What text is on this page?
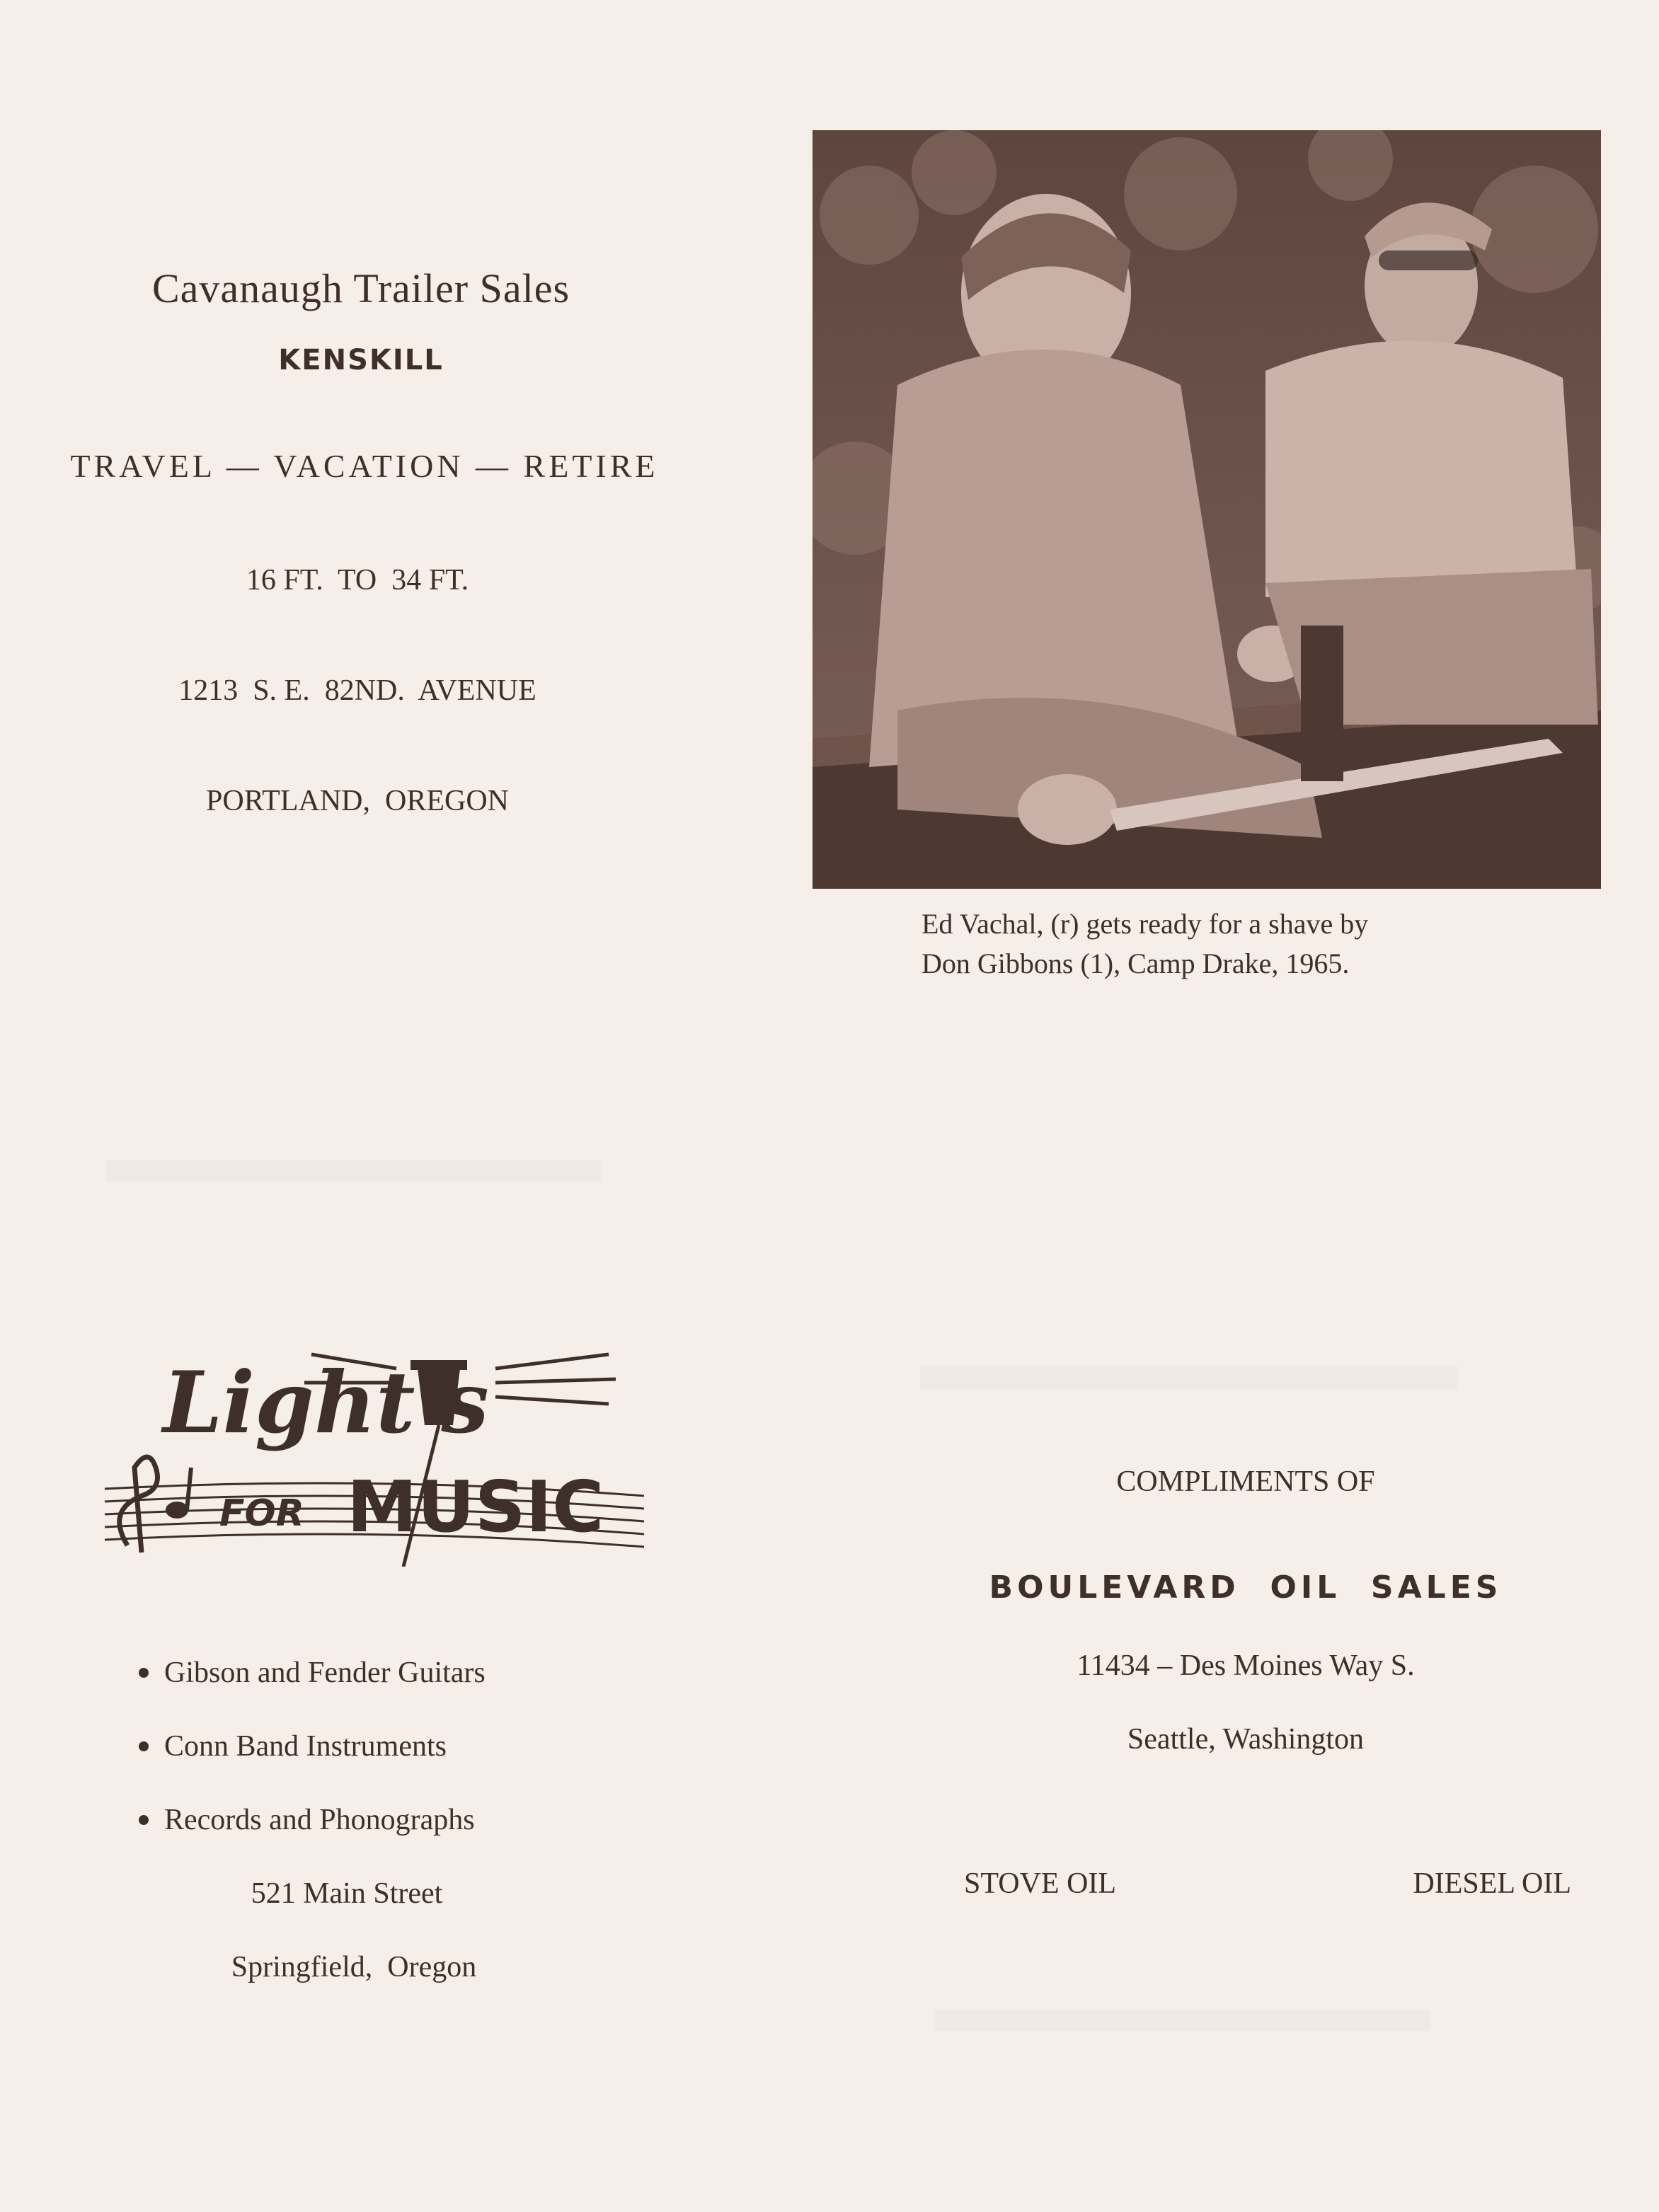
Cavanaugh Trailer Sales
KENSKILL
TRAVEL — VACATION — RETIRE
16 FT.  TO  34 FT.
1213  S. E.  82ND.  AVENUE
PORTLAND,  OREGON
Ed Vachal, (r) gets ready for a shave by
Don Gibbons (1), Camp Drake, 1965.
Light's
FOR MUSIC
Gibson and Fender Guitars
Conn Band Instruments
Records and Phonographs
521 Main Street
Springfield,  Oregon
COMPLIMENTS OF
BOULEVARD  OIL  SALES
11434 – Des Moines Way S.
Seattle, Washington
STOVE OIL	DIESEL OIL
